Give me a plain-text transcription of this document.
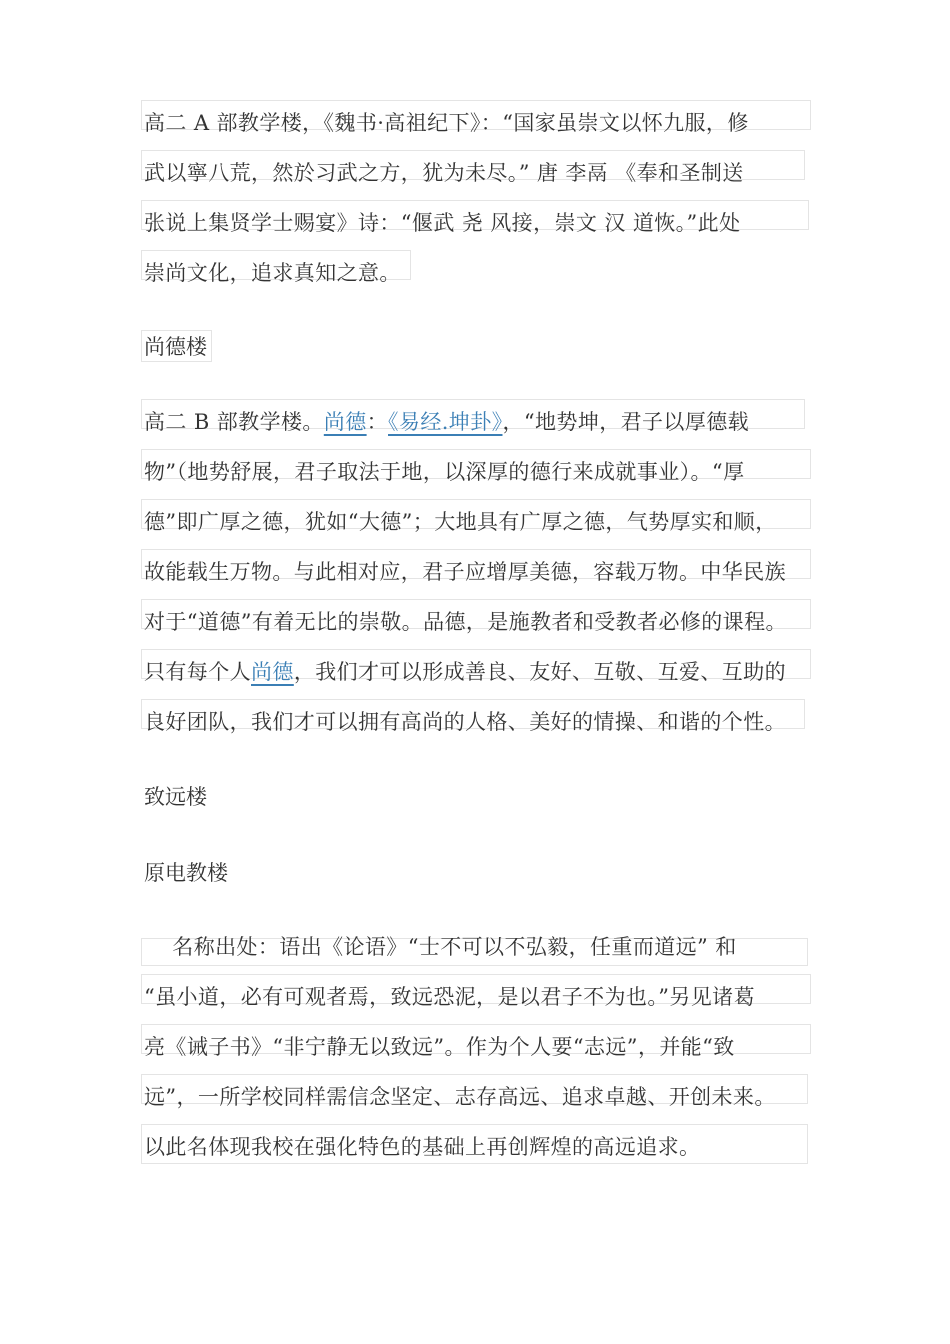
高二 A 部教学楼，《魏书·高祖纪下》：“国家虽崇文以怀九服，修
武以寧八荒，然於习武之方，犹为未尽。” 唐 李鬲 《奉和圣制送
张说上集贤学士赐宴》诗：“偃武 尧 风接，崇文 汉 道恢。”此处
崇尚文化，追求真知之意。
尚德楼
高二 B 部教学楼。尚德：《易经.坤卦》，“地势坤，君子以厚德载
物”（地势舒展，君子取法于地，以深厚的德行来成就事业）。“厚
德”即广厚之德，犹如“大德”；大地具有广厚之德，气势厚实和顺，
故能载生万物。与此相对应，君子应增厚美德，容载万物。中华民族
对于“道德”有着无比的崇敬。品德，是施教者和受教者必修的课程。
只有每个人尚德，我们才可以形成善良、友好、互敬、互爱、互助的
良好团队，我们才可以拥有高尚的人格、美好的情操、和谐的个性。
致远楼
原电教楼
名称出处：语出《论语》“士不可以不弘毅，任重而道远” 和
“虽小道，必有可观者焉，致远恐泥，是以君子不为也。”另见诸葛
亮《诫子书》“非宁静无以致远”。作为个人要“志远”，并能“致
远”，一所学校同样需信念坚定、志存高远、追求卓越、开创未来。
以此名体现我校在强化特色的基础上再创辉煌的高远追求。
